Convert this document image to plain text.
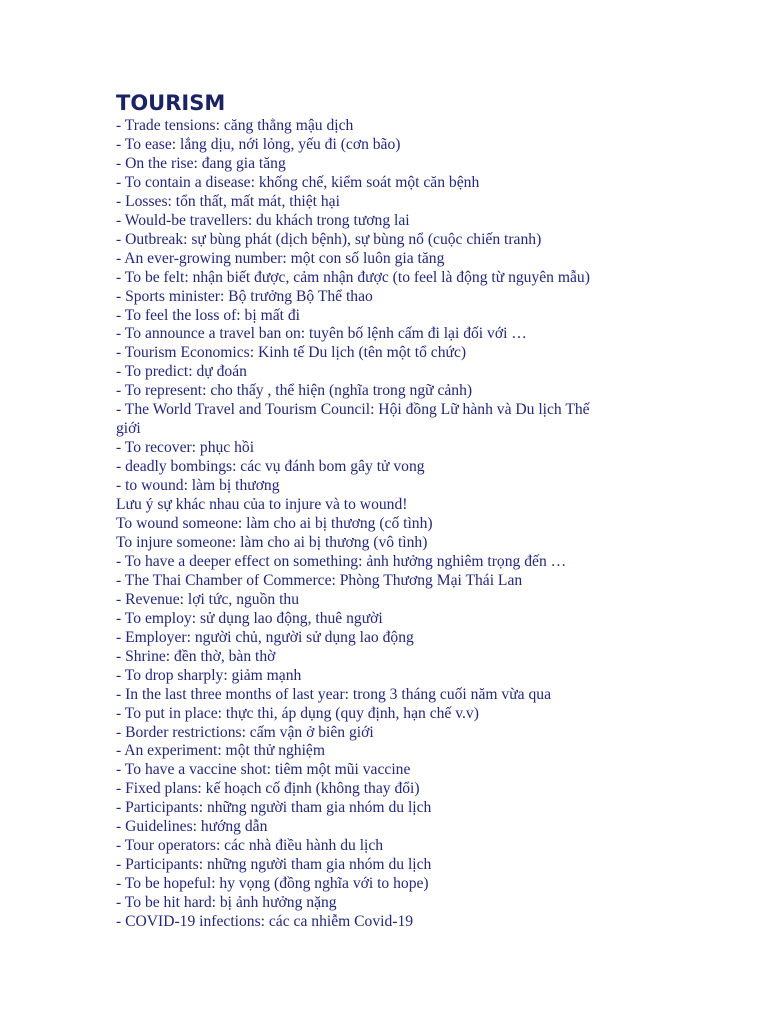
TOURISM
- Trade tensions: căng thẳng mậu dịch
- To ease: lắng dịu, nới lỏng, yếu đi (cơn bão)
- On the rise: đang gia tăng
- To contain a disease: khống chế, kiểm soát một căn bệnh
- Losses: tổn thất, mất mát, thiệt hại
- Would-be travellers: du khách trong tương lai
- Outbreak: sự bùng phát (dịch bệnh), sự bùng nổ (cuộc chiến tranh)
- An ever-growing number: một con số luôn gia tăng
- To be felt: nhận biết được, cảm nhận được (to feel là động từ nguyên mẫu)
- Sports minister: Bộ trưởng Bộ Thể thao
- To feel the loss of: bị mất đi
- To announce a travel ban on: tuyên bố lệnh cấm đi lại đối với …
- Tourism Economics: Kinh tế Du lịch (tên một tổ chức)
- To predict: dự đoán
- To represent: cho thấy , thể hiện (nghĩa trong ngữ cảnh)
- The World Travel and Tourism Council: Hội đồng Lữ hành và Du lịch Thế
giới
- To recover: phục hồi
- deadly bombings: các vụ đánh bom gây tử vong
- to wound: làm bị thương
Lưu ý sự khác nhau của to injure và to wound!
To wound someone: làm cho ai bị thương (cố tình)
To injure someone: làm cho ai bị thương (vô tình)
- To have a deeper effect on something: ảnh hưởng nghiêm trọng đến …
- The Thai Chamber of Commerce: Phòng Thương Mại Thái Lan
- Revenue: lợi tức, nguồn thu
- To employ: sử dụng lao động, thuê người
- Employer: người chủ, người sử dụng lao động
- Shrine: đền thờ, bàn thờ
- To drop sharply: giảm mạnh
- In the last three months of last year: trong 3 tháng cuối năm vừa qua
- To put in place: thực thi, áp dụng (quy định, hạn chế v.v)
- Border restrictions: cấm vận ở biên giới
- An experiment: một thử nghiệm
- To have a vaccine shot: tiêm một mũi vaccine
- Fixed plans: kế hoạch cố định (không thay đổi)
- Participants: những người tham gia nhóm du lịch
- Guidelines: hướng dẫn
- Tour operators: các nhà điều hành du lịch
- Participants: những người tham gia nhóm du lịch
- To be hopeful: hy vọng (đồng nghĩa với to hope)
- To be hit hard: bị ảnh hưởng nặng
- COVID-19 infections: các ca nhiễm Covid-19
